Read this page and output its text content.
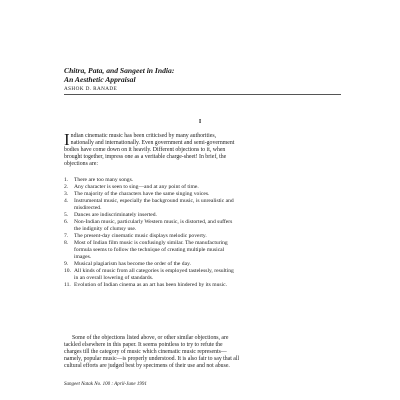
Chitra, Pata, and Sangeet in India:
An Aesthetic Appraisal
ASHOK D. RANADE
I
I ndian cinematic music has been criticised by many authorities,
nationally and internationally. Even government and semi-government
bodies have come down on it heavily. Different objections to it, when
brought together, impress one as a veritable charge-sheet! In brief, the
objections are:
1. There are too many songs.
2. Any character is seen to sing—and at any point of time.
3. The majority of the characters have the same singing voices.
4. Instrumental music, especially the background music, is unrealistic and
misdirected.
5. Dances are indiscriminately inserted.
6. Non-Indian music, particularly Western music, is distorted, and suffers
the indignity of clumsy use.
7. The present-day cinematic music displays melodic poverty.
8. Most of Indian film music is confusingly similar. The manufacturing
formula seems to follow the technique of creating multiple musical
images.
9. Musical plagiarism has become the order of the day.
10. All kinds of music from all categories is employed tastelessly, resulting
in an overall lowering of standards.
11. Evolution of Indian cinema as an art has been hindered by its music.
Some of the objections listed above, or other similar objections, are
tackled elsewhere in this paper. It seems pointless to try to refute the
charges till the category of music which cinematic music represents—
namely, popular music—is properly understood. It is also fair to say that all
cultural efforts are judged best by specimens of their use and not abuse.
Sangeet Natak No. 100 : April-June 1991
